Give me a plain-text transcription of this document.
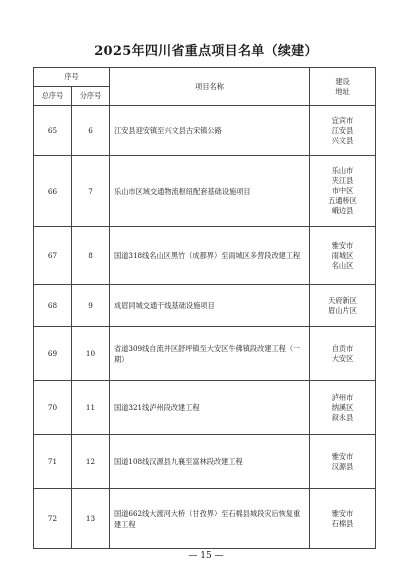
2025年四川省重点项目名单（续建）
序号		项目名称	建设
地址

总序号	分序号		
65	6	江安县迎安镇至兴文县古宋镇公路	宜宾市
江安县
兴文县

66	7	乐山市区域交通物流枢纽配套基础设施项目	乐山市
夹江县
市中区
五通桥区
峨边县

67	8	国道318线名山区黑竹（成都界）至雨城区多营段改建工程	雅安市
雨城区
名山区

68	9	成眉同城交通干线基础设施项目	天府新区
眉山片区

69	10	省道309线自流井区舒坪镇至大安区牛佛镇段改建工程（一期）	自贡市
大安区

70	11	国道321线泸州段改建工程	泸州市
纳溪区
叙永县

71	12	国道108线汉源县九襄至富林段改建工程	雅安市
汉源县

72	13	国道662线大渡河大桥（甘孜界）至石棉县城段灾后恢复重建工程	雅安市
石棉县
— 15 —
